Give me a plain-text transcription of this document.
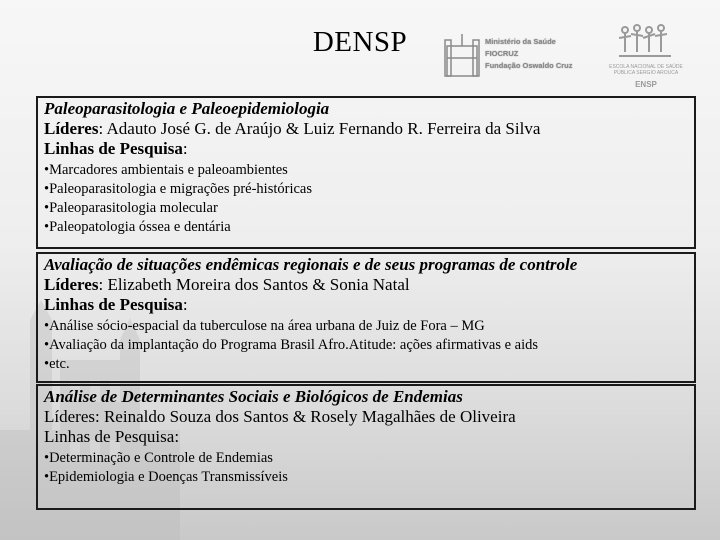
DENSP	Ministério da Saúde
FIOCRUZ
Fundação Oswaldo Cruz	ESCOLA NACIONAL DE SAÚDE PÚBLICA SERGIO AROUCA
ENSP
Paleoparasitologia e Paleoepidemiologia
Líderes: Adauto José G. de Araújo & Luiz Fernando R. Ferreira da Silva
Linhas de Pesquisa:
• Marcadores ambientais e paleoambientes
• Paleoparasitologia e migrações pré-históricas
• Paleoparasitologia molecular
• Paleopatologia óssea e dentária
Avaliação de situações endêmicas regionais e de seus programas de controle
Líderes: Elizabeth Moreira dos Santos & Sonia Natal
Linhas de Pesquisa:
• Análise sócio-espacial da tuberculose na área urbana de Juiz de Fora – MG
• Avaliação da implantação do Programa Brasil Afro.Atitude: ações afirmativas e aids
• etc.
Análise de Determinantes Sociais e Biológicos de Endemias
Líderes: Reinaldo Souza dos Santos & Rosely Magalhães de Oliveira
Linhas de Pesquisa:
• Determinação e Controle de Endemias
• Epidemiologia e Doenças Transmissíveis
